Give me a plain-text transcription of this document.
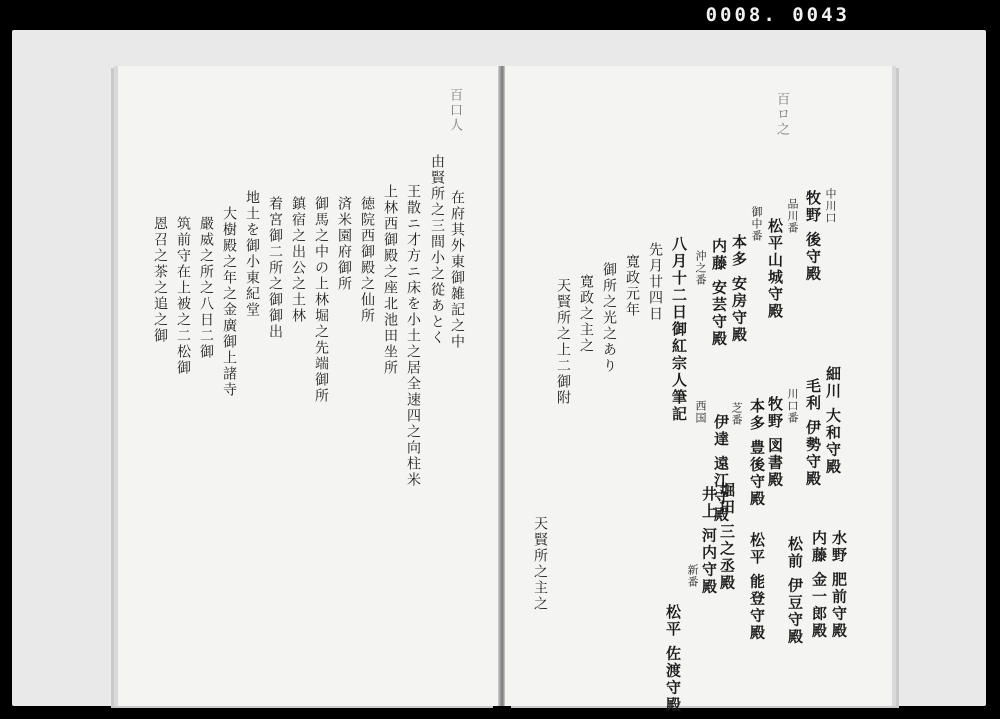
0008. 0043
百口人
在府其外東御雑記之中
由賢所之三間小之從あとく
王散ニ才方ニ床を小土之居全速四之向柱米
上林西御殿之座北池田坐所
徳院西御殿之仙所
済米園府御所
御馬之中の上林堀之先端御所
鎮宿之出公之土林
着宮御二所之御御出
地土を御小東紀堂
大樹殿之年之金廣御上諸寺
嚴威之所之八日二御
筑前守在上被之二松御
恩召之茶之追之御
百ロ之
中川口
牧野 後守殿
品川番
松平山城守殿
御中番
本多 安房守殿
内藤 安芸守殿
沖之番
八月十二日御紅宗人筆記
先月廿四日
寛政元年
御所之光之あり
寛政之主之
天賢所之上二御附
天賢所之主之
細川 大和守殿
毛利 伊勢守殿
川口番
牧野 図書殿
本多 豊後守殿
芝番
伊達 遠江守殿
西国
堀田 三之丞殿
井上 河内守殿
新番
松平 佐渡守殿
水野 肥前守殿
内藤 金一郎殿
松前 伊豆守殿
松平 能登守殿
